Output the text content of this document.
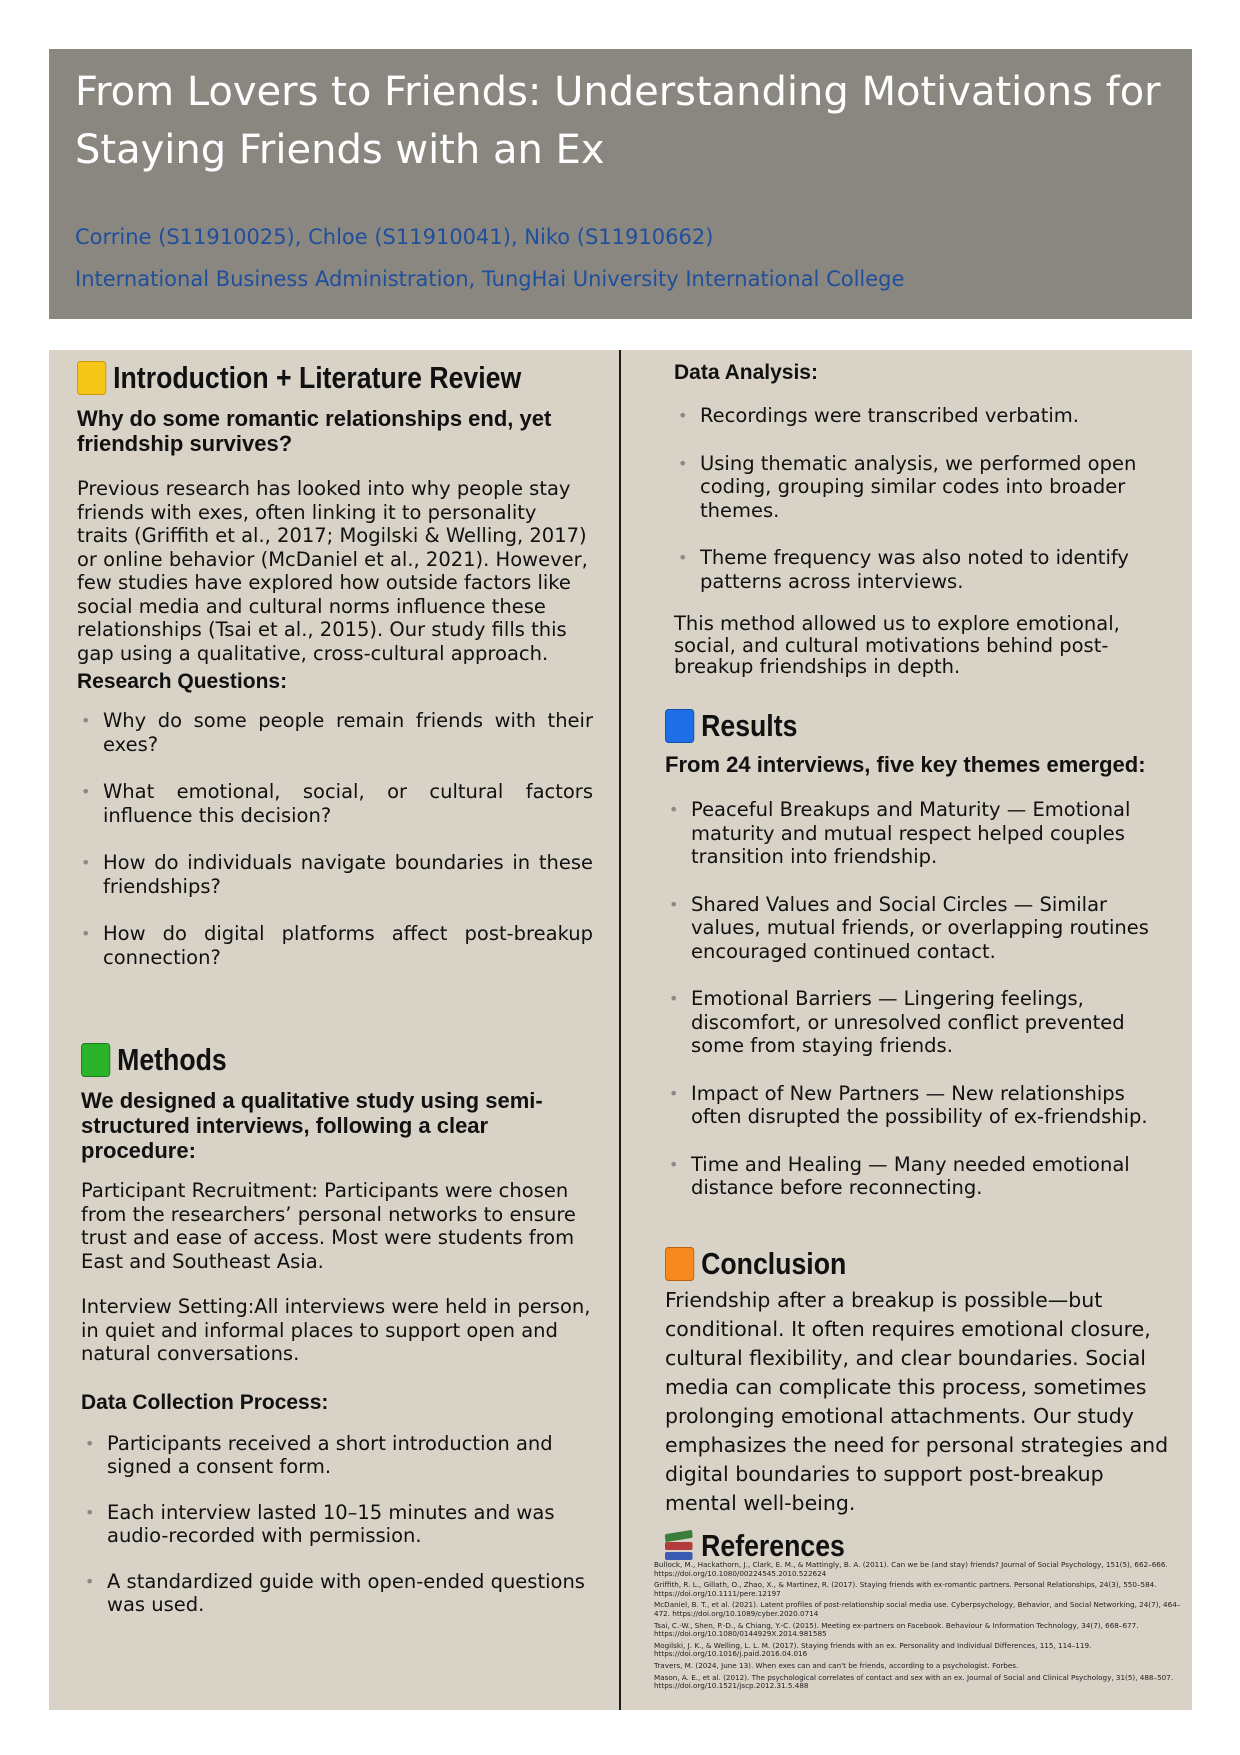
From Lovers to Friends: Understanding Motivations for Staying Friends with an Ex

Corrine (S11910025), Chloe (S11910041), Niko (S11910662)

International Business Administration, TungHai University International College

Introduction + Literature Review

Why do some romantic relationships end, yet friendship survives?

Previous research has looked into why people stay friends with exes, often linking it to personality traits (Griffith et al., 2017; Mogilski & Welling, 2017) or online behavior (McDaniel et al., 2021). However, few studies have explored how outside factors like social media and cultural norms influence these relationships (Tsai et al., 2015). Our study fills this gap using a qualitative, cross-cultural approach.

Research Questions:

• Why do some people remain friends with their exes?
• What emotional, social, or cultural factors influence this decision?
• How do individuals navigate boundaries in these friendships?
• How do digital platforms affect post-breakup connection?
Methods

We designed a qualitative study using semi-structured interviews, following a clear procedure:

Participant Recruitment: Participants were chosen from the researchers’ personal networks to ensure trust and ease of access. Most were students from East and Southeast Asia.

Interview Setting:All interviews were held in person, in quiet and informal places to support open and natural conversations.

Data Collection Process:

• Participants received a short introduction and signed a consent form.
• Each interview lasted 10–15 minutes and was audio-recorded with permission.
• A standardized guide with open-ended questions was used.

Data Analysis:

• Recordings were transcribed verbatim.
• Using thematic analysis, we performed open coding, grouping similar codes into broader themes.
• Theme frequency was also noted to identify patterns across interviews.

This method allowed us to explore emotional, social, and cultural motivations behind post-breakup friendships in depth.

Results

From 24 interviews, five key themes emerged:

• Peaceful Breakups and Maturity — Emotional maturity and mutual respect helped couples transition into friendship.
• Shared Values and Social Circles — Similar values, mutual friends, or overlapping routines encouraged continued contact.
• Emotional Barriers — Lingering feelings, discomfort, or unresolved conflict prevented some from staying friends.
• Impact of New Partners — New relationships often disrupted the possibility of ex-friendship.
• Time and Healing — Many needed emotional distance before reconnecting.
Conclusion

Friendship after a breakup is possible—but conditional. It often requires emotional closure, cultural flexibility, and clear boundaries. Social media can complicate this process, sometimes prolonging emotional attachments. Our study emphasizes the need for personal strategies and digital boundaries to support post-breakup mental well-being.

References

Bullock, M., Hackathorn, J., Clark, E. M., & Mattingly, B. A. (2011). Can we be (and stay) friends? Journal of Social Psychology, 151(5), 662–666. https://doi.org/10.1080/00224545.2010.522624

Griffith, R. L., Gillath, O., Zhao, X., & Martinez, R. (2017). Staying friends with ex-romantic partners. Personal Relationships, 24(3), 550–584. https://doi.org/10.1111/pere.12197

McDaniel, B. T., et al. (2021). Latent profiles of post-relationship social media use. Cyberpsychology, Behavior, and Social Networking, 24(7), 464–472. https://doi.org/10.1089/cyber.2020.0714

Tsai, C.-W., Shen, P.-D., & Chiang, Y.-C. (2015). Meeting ex-partners on Facebook. Behaviour & Information Technology, 34(7), 668–677. https://doi.org/10.1080/0144929X.2014.981585

Mogilski, J. K., & Welling, L. L. M. (2017). Staying friends with an ex. Personality and Individual Differences, 115, 114–119. https://doi.org/10.1016/j.paid.2016.04.016

Travers, M. (2024, June 13). When exes can and can't be friends, according to a psychologist. Forbes.

Mason, A. E., et al. (2012). The psychological correlates of contact and sex with an ex. Journal of Social and Clinical Psychology, 31(5), 488–507. https://doi.org/10.1521/jscp.2012.31.5.488
